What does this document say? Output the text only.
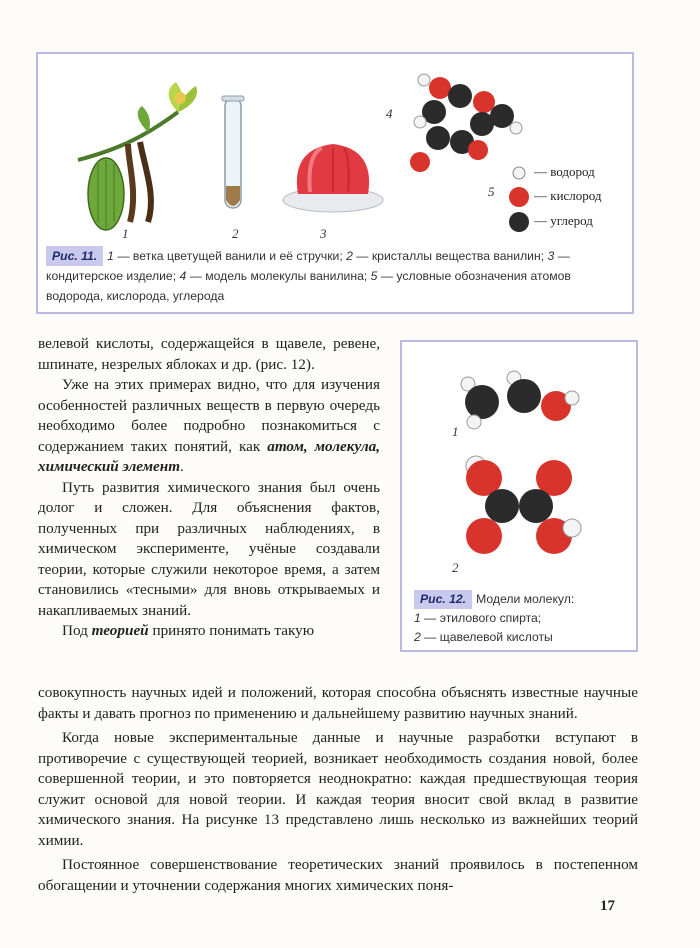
— водород
— кислород
— углерод
1	2	3
4
5
Рис. 11. 1 — ветка цветущей ванили и её стручки; 2 — кристаллы вещества ванилин; 3 — кондитерское изделие; 4 — модель молекулы ванилина; 5 — условные обозначения атомов водорода, кислорода, углерода
1
2
Рис. 12. Модели молекул:
1 — этилового спирта;
2 — щавелевой кислоты

велевой кислоты, содержащейся в щавеле, ревене, шпинате, незрелых яблоках и др. (рис. 12).

Уже на этих примерах видно, что для изучения особенностей различных веществ в первую очередь необходимо более подробно познакомиться с содержанием таких понятий, как атом, молекула, химический элемент.

Путь развития химического знания был очень долог и сложен. Для объяснения фактов, полученных при различных наблюдениях, в химическом эксперименте, учёные создавали теории, которые служили некоторое время, а затем становились «тесными» для вновь открываемых и накапливаемых знаний.

Под теорией принято понимать такую

совокупность научных идей и положений, которая способна объяснять известные научные факты и давать прогноз по применению и дальнейшему развитию научных знаний.

Когда новые экспериментальные данные и научные разработки вступают в противоречие с существующей теорией, возникает необходимость создания новой, более совершенной теории, и это повторяется неоднократно: каждая предшествующая теория служит основой для новой теории. И каждая теория вносит свой вклад в развитие химического знания. На рисунке 13 представлено лишь несколько из важнейших теорий химии.

Постоянное совершенствование теоретических знаний проявилось в постепенном обогащении и уточнении содержания многих химических поня-

17
